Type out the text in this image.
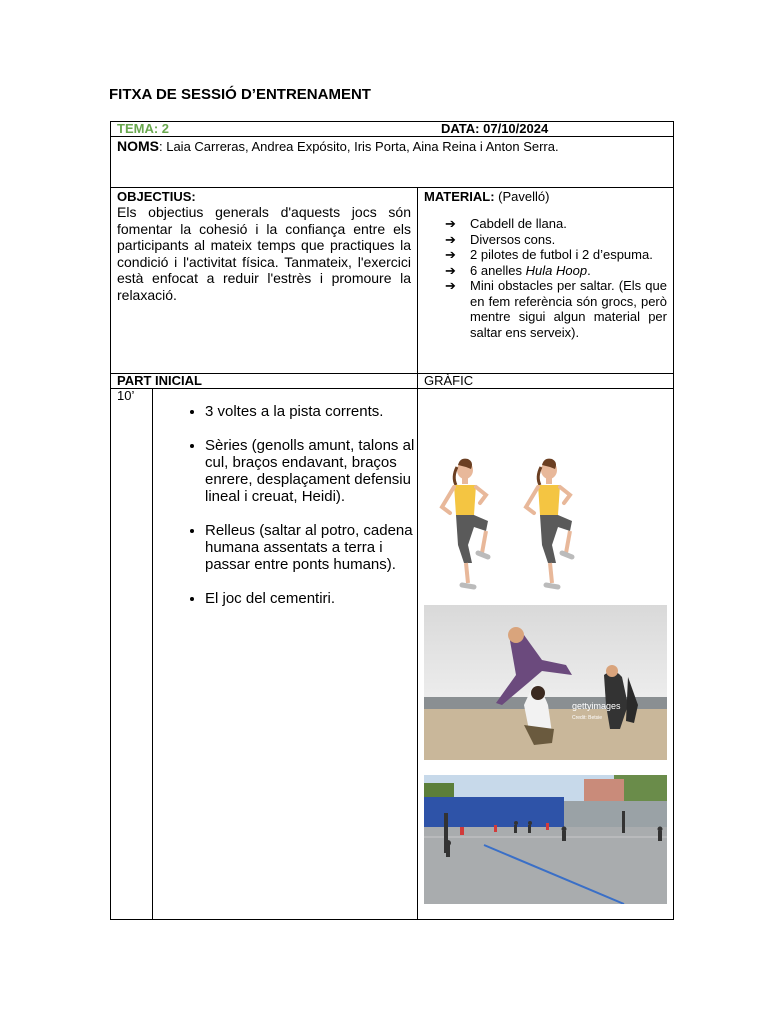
FITXA DE SESSIÓ D’ENTRENAMENT
TEMA: 2	DATA: 07/10/2024

NOMS: Laia Carreras, Andrea Expósito, Iris Porta, Aina Reina i Anton Serra.

OBJECTIUS:
Els objectius generals d'aquests jocs són fomentar la cohesió i la confiança entre els participants al mateix temps que practiques la condició i l'activitat física. Tanmateix, l'exercici està enfocat a reduir l'estrès i promoure la relaxació.

MATERIAL: (Pavelló)
➔ Cabdell de llana.
➔ Diversos cons.
➔ 2 pilotes de futbol i 2 d’espuma.
➔ 6 anelles Hula Hoop.
➔ Mini obstacles per saltar. (Els que en fem referència són grocs, però mentre sigui algun material per saltar ens serveix).

PART INICIAL	GRÀFIC

10’	
• 3 voltes a la pista corrents.
• Sèries (genolls amunt, talons al cul, braços endavant, braços enrere, desplaçament defensiu lineal i creuat, Heidi).
• Relleus (saltar al potro, cadena humana assentats a terra i passar entre ponts humans).
• El joc del cementiri.

gettyimages
Credit: Betsie
